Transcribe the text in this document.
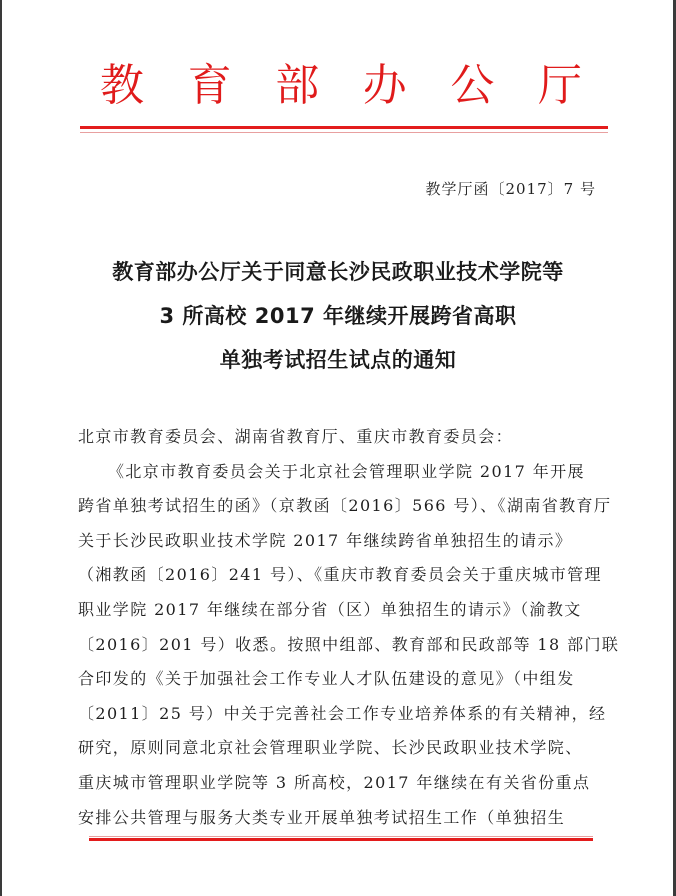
教 育 部 办 公 厅
教学厅函〔2017〕7 号
教育部办公厅关于同意长沙民政职业技术学院等
3 所高校 2017 年继续开展跨省高职
单独考试招生试点的通知
北京市教育委员会、湖南省教育厅、重庆市教育委员会：
《北京市教育委员会关于北京社会管理职业学院 2017 年开展
跨省单独考试招生的函》（京教函〔2016〕566 号）、《湖南省教育厅
关于长沙民政职业技术学院 2017 年继续跨省单独招生的请示》
（湘教函〔2016〕241 号）、《重庆市教育委员会关于重庆城市管理
职业学院 2017 年继续在部分省（区）单独招生的请示》（渝教文
〔2016〕201 号）收悉。按照中组部、教育部和民政部等 18 部门联
合印发的《关于加强社会工作专业人才队伍建设的意见》（中组发
〔2011〕25 号）中关于完善社会工作专业培养体系的有关精神，经
研究，原则同意北京社会管理职业学院、长沙民政职业技术学院、
重庆城市管理职业学院等 3 所高校，2017 年继续在有关省份重点
安排公共管理与服务大类专业开展单独考试招生工作（单独招生
